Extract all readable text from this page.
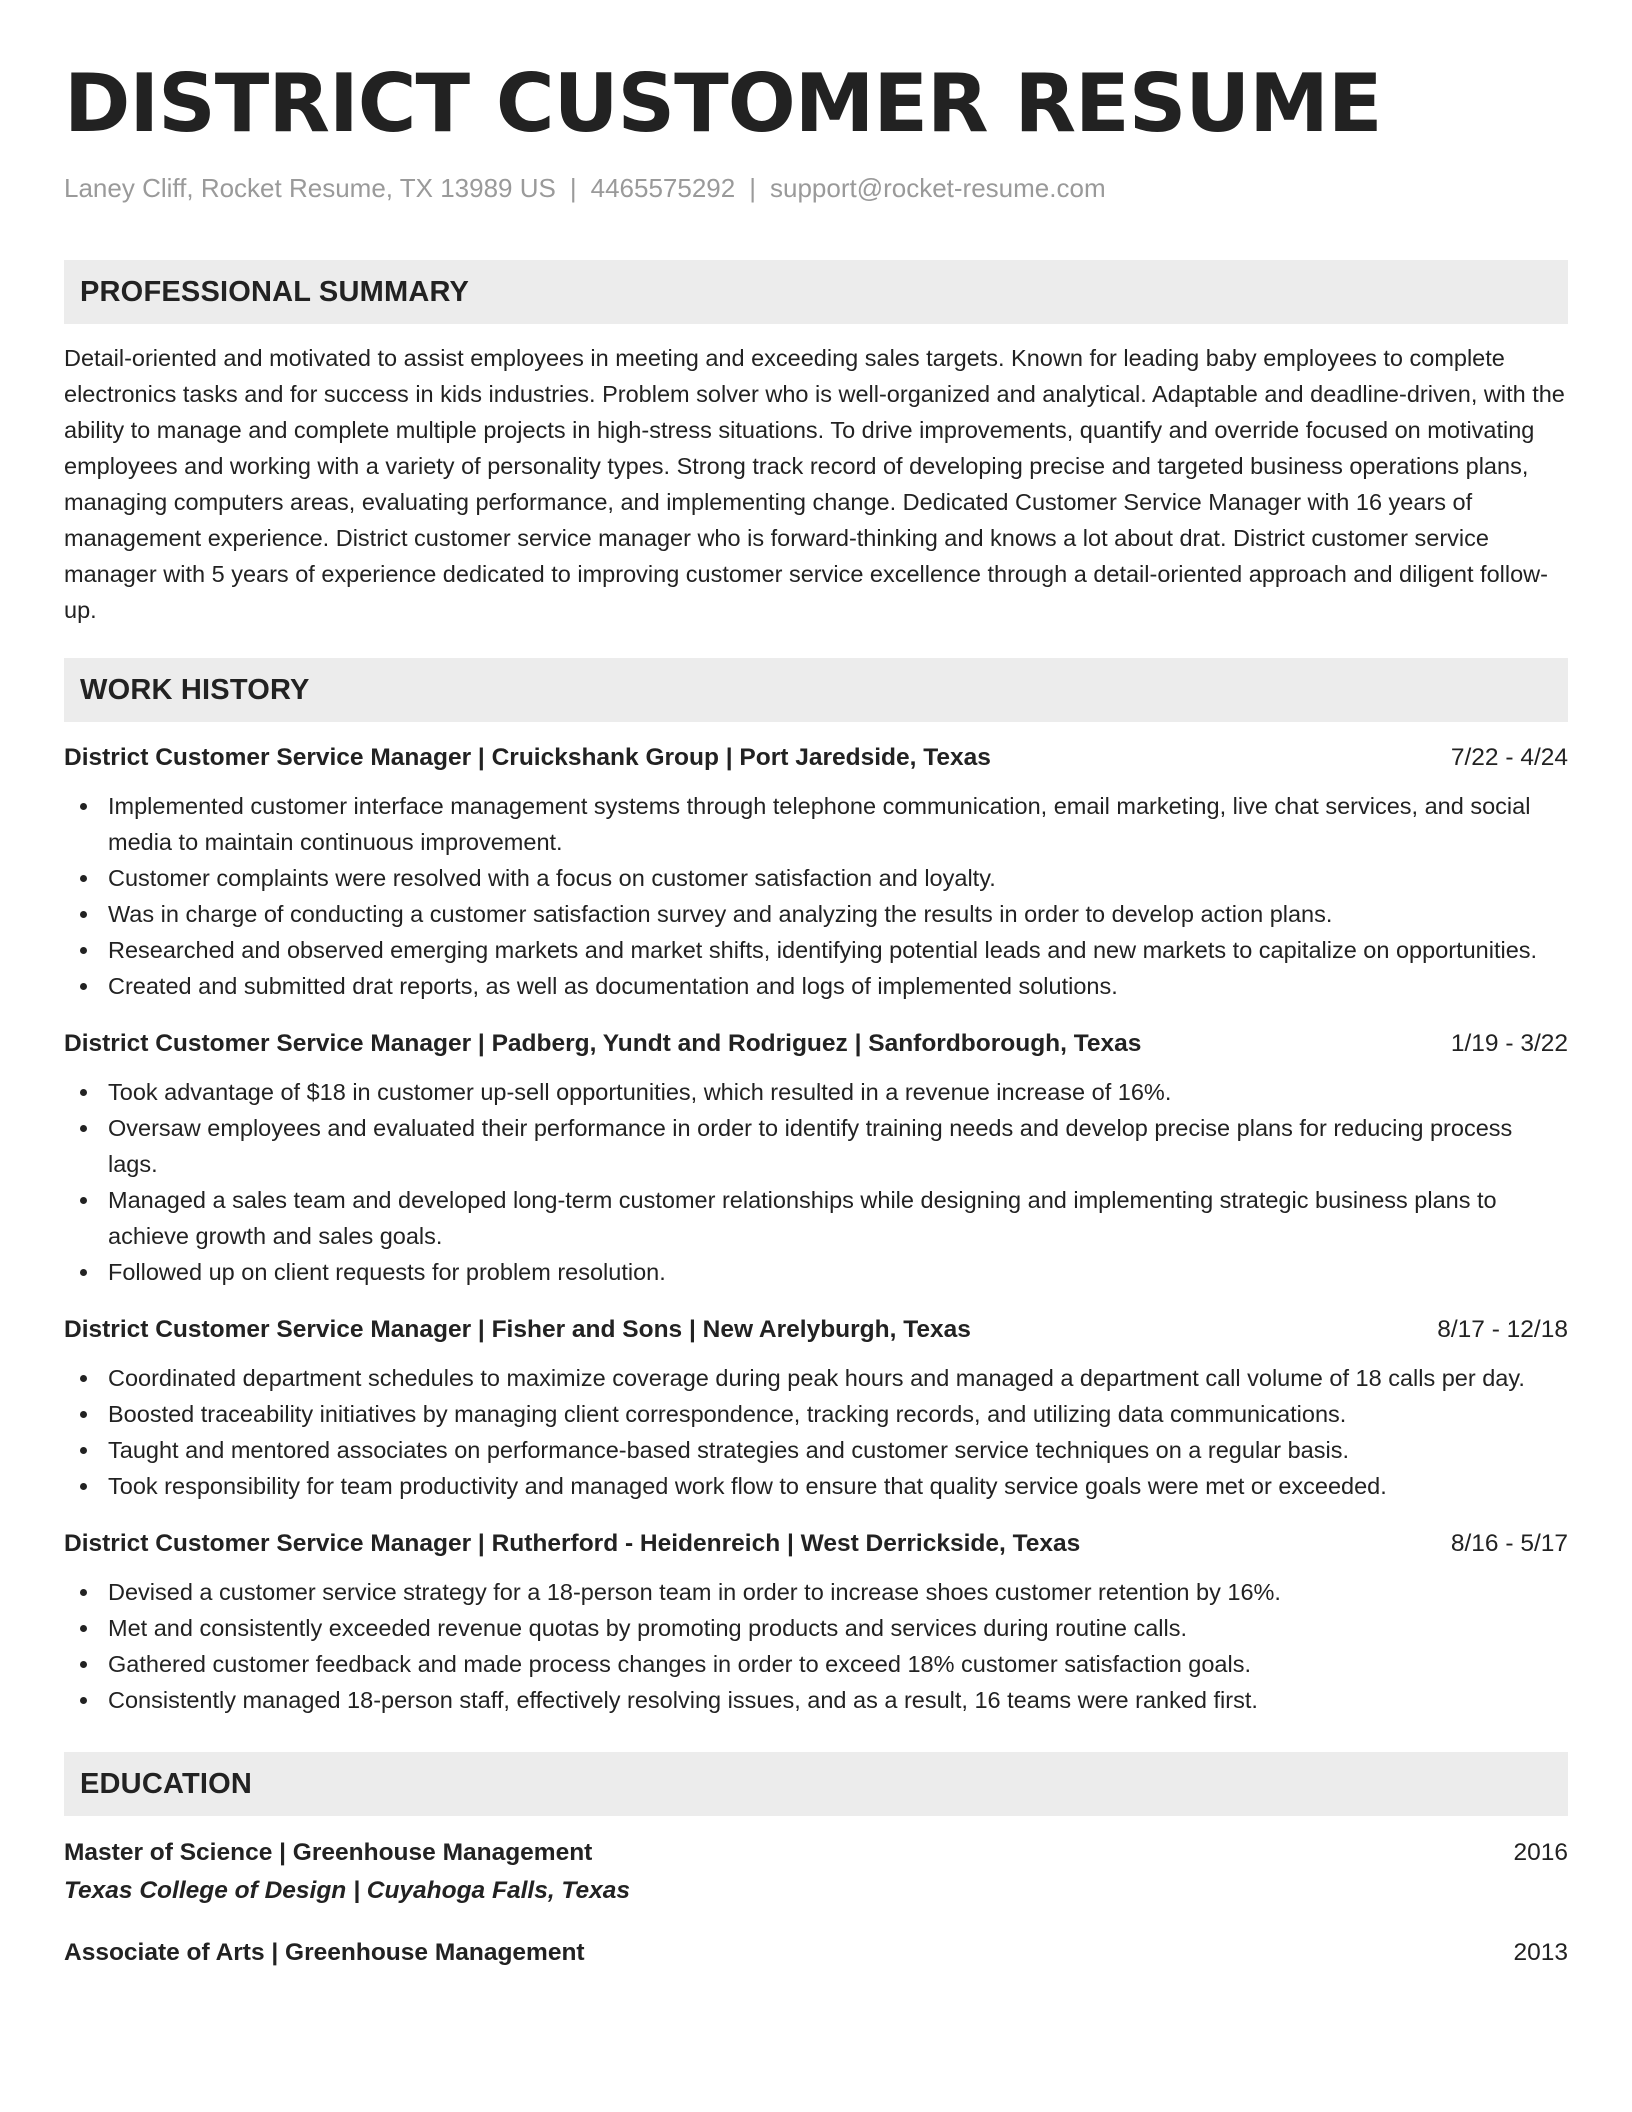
DISTRICT CUSTOMER RESUME
Laney Cliff, Rocket Resume, TX 13989 US | 4465575292 | support@rocket-resume.com
PROFESSIONAL SUMMARY
Detail-oriented and motivated to assist employees in meeting and exceeding sales targets. Known for leading baby employees to complete electronics tasks and for success in kids industries. Problem solver who is well-organized and analytical. Adaptable and deadline-driven, with the ability to manage and complete multiple projects in high-stress situations. To drive improvements, quantify and override focused on motivating employees and working with a variety of personality types. Strong track record of developing precise and targeted business operations plans, managing computers areas, evaluating performance, and implementing change. Dedicated Customer Service Manager with 16 years of management experience. District customer service manager who is forward-thinking and knows a lot about drat. District customer service manager with 5 years of experience dedicated to improving customer service excellence through a detail-oriented approach and diligent follow-up.
WORK HISTORY
District Customer Service Manager | Cruickshank Group | Port Jaredside, Texas	7/22 - 4/24
Implemented customer interface management systems through telephone communication, email marketing, live chat services, and social media to maintain continuous improvement.
Customer complaints were resolved with a focus on customer satisfaction and loyalty.
Was in charge of conducting a customer satisfaction survey and analyzing the results in order to develop action plans.
Researched and observed emerging markets and market shifts, identifying potential leads and new markets to capitalize on opportunities.
Created and submitted drat reports, as well as documentation and logs of implemented solutions.
District Customer Service Manager | Padberg, Yundt and Rodriguez | Sanfordborough, Texas	1/19 - 3/22
Took advantage of $18 in customer up-sell opportunities, which resulted in a revenue increase of 16%.
Oversaw employees and evaluated their performance in order to identify training needs and develop precise plans for reducing process lags.
Managed a sales team and developed long-term customer relationships while designing and implementing strategic business plans to achieve growth and sales goals.
Followed up on client requests for problem resolution.
District Customer Service Manager | Fisher and Sons | New Arelyburgh, Texas	8/17 - 12/18
Coordinated department schedules to maximize coverage during peak hours and managed a department call volume of 18 calls per day.
Boosted traceability initiatives by managing client correspondence, tracking records, and utilizing data communications.
Taught and mentored associates on performance-based strategies and customer service techniques on a regular basis.
Took responsibility for team productivity and managed work flow to ensure that quality service goals were met or exceeded.
District Customer Service Manager | Rutherford - Heidenreich | West Derrickside, Texas	8/16 - 5/17
Devised a customer service strategy for a 18-person team in order to increase shoes customer retention by 16%.
Met and consistently exceeded revenue quotas by promoting products and services during routine calls.
Gathered customer feedback and made process changes in order to exceed 18% customer satisfaction goals.
Consistently managed 18-person staff, effectively resolving issues, and as a result, 16 teams were ranked first.
EDUCATION
Master of Science | Greenhouse Management	2016
Texas College of Design | Cuyahoga Falls, Texas
Associate of Arts | Greenhouse Management	2013
